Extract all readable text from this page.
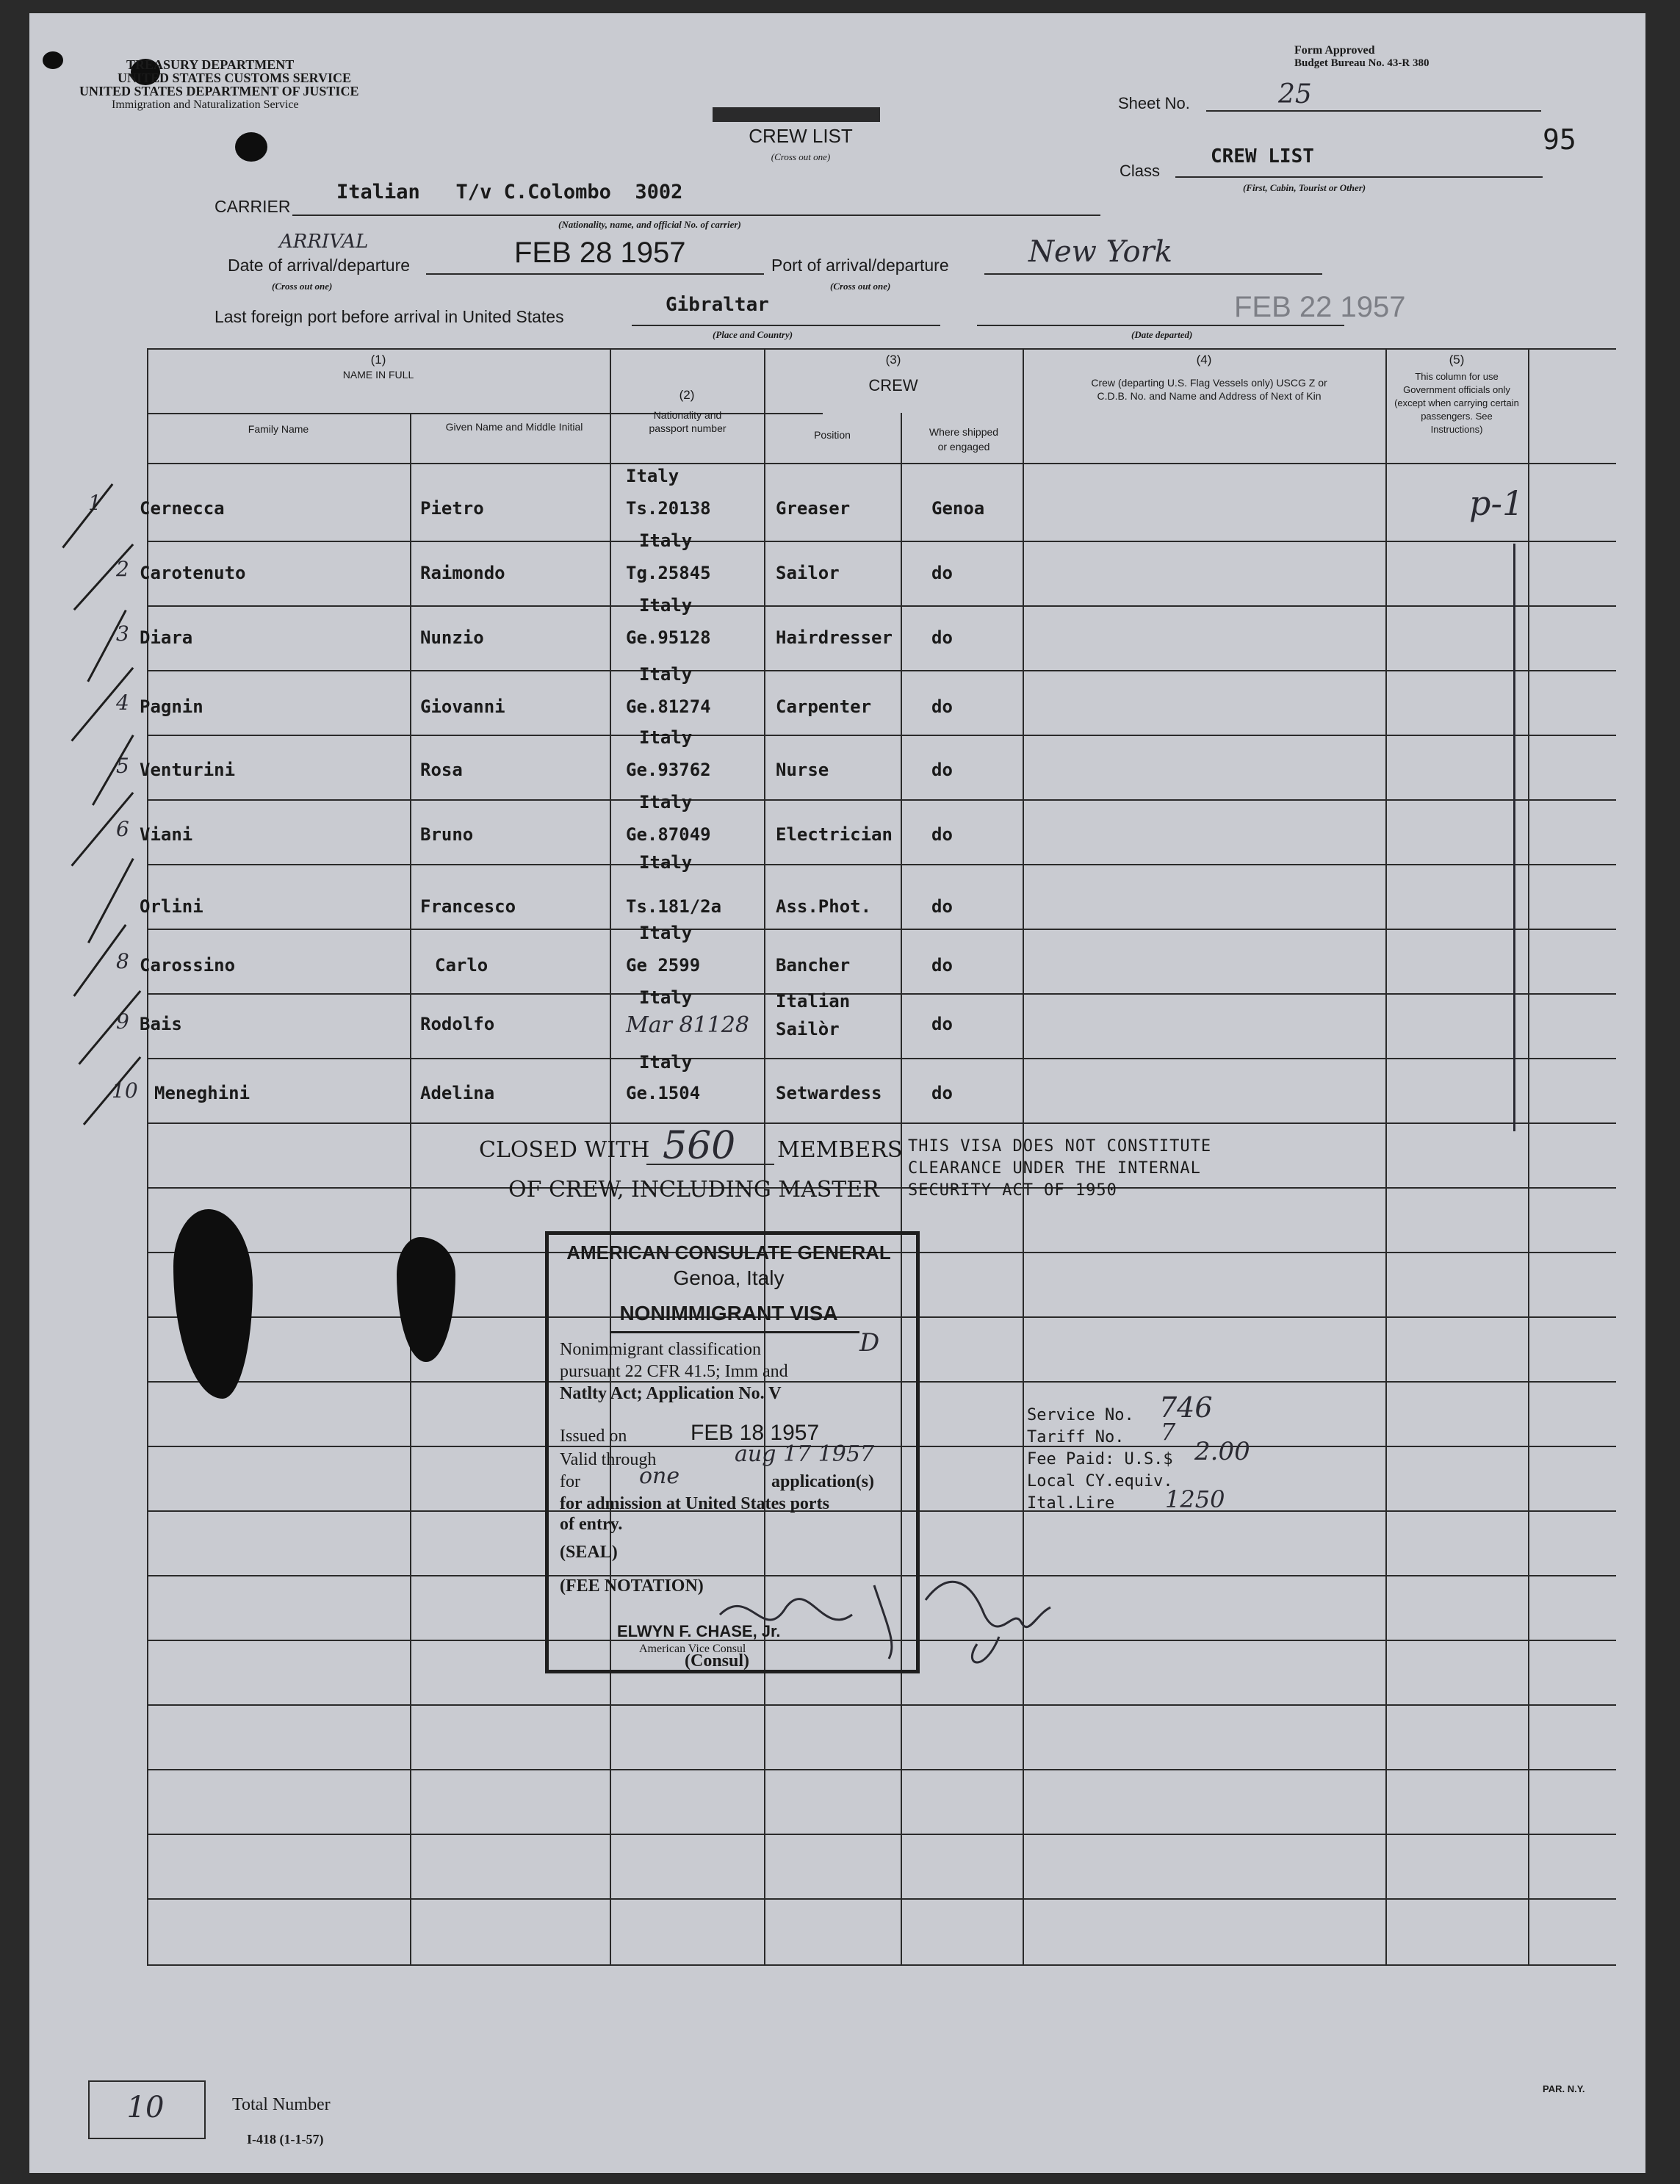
TREASURY DEPARTMENT
UNITED STATES CUSTOMS SERVICE
UNITED STATES DEPARTMENT OF JUSTICE
Immigration and Naturalization Service
Form Approved
Budget Bureau No. 43-R 380
CREW LIST
(Cross out one)
Sheet No.	25
95
Class
CREW LIST
(First, Cabin, Tourist or Other)
CARRIER
Italian   T/v C.Colombo  3002
(Nationality, name, and official No. of carrier)
Date of arrival/departure
(Cross out one)
ARRIVAL	FEB 28 1957	Port of arrival/departure
(Cross out one)
New York
Last foreign port before arrival in United States
Gibraltar
(Place and Country)
FEB 22 1957
(Date departed)
(1)
NAME IN FULL
Family Name	Given Name and Middle Initial
(2)
Nationality and passport number
(3)
CREW
Position	Where shipped or engaged
(4)
Crew (departing U.S. Flag Vessels only) USCG Z or C.D.B. No. and Name and Address of Next of Kin
(5)
This column for use Government officials only (except when carrying certain passengers. See Instructions)
1 Cernecca	Pietro
Italy
Ts.20138	Greaser	Genoa
2 Carotenuto	Raimondo
Italy
Tg.25845	Sailor	do
3 Diara	Nunzio
Italy
Ge.95128	Hairdresser do
4 Pagnin	Giovanni
Italy
Ge.81274	Carpenter	do
5 Venturini	Rosa
Italy
Ge.93762	Nurse	do
6 Viani	Bruno
Italy
Ge.87049	Electrician do
Orlini	Francesco
Italy
Ts.181/2a	Ass.Phot.	do
8 Carossino	Carlo
Italy
Ge 2599	Bancher	do
9 Bais	Rodolfo
Italy
Mar 81128
Italian Sailòr	do
10 Meneghini	Adelina
Italy
Ge.1504	Setwardess	do
p-1
CLOSED WITH 560 MEMBERS
OF CREW, INCLUDING MASTER
THIS VISA DOES NOT CONSTITUTE
CLEARANCE UNDER THE INTERNAL
SECURITY ACT OF 1950
AMERICAN CONSULATE GENERAL
Genoa, Italy
NONIMMIGRANT VISA
Nonimmigrant classification	D
pursuant 22 CFR 41.5; Imm and
Natlty Act; Application No. V
Issued on	FEB 18 1957
Valid through	aug 17 1957
for	one	application(s)
for admission at United States ports
of entry.
(SEAL)
(FEE NOTATION)
ELWYN F. CHASE, Jr.
American Vice Consul
(Consul)
Service No. 746
Tariff No. 7
Fee Paid: U.S.$ 2.00
Local CY.equiv.
Ital.Lire 1250
10	Total Number
I-418 (1-1-57)
PAR. N.Y.
